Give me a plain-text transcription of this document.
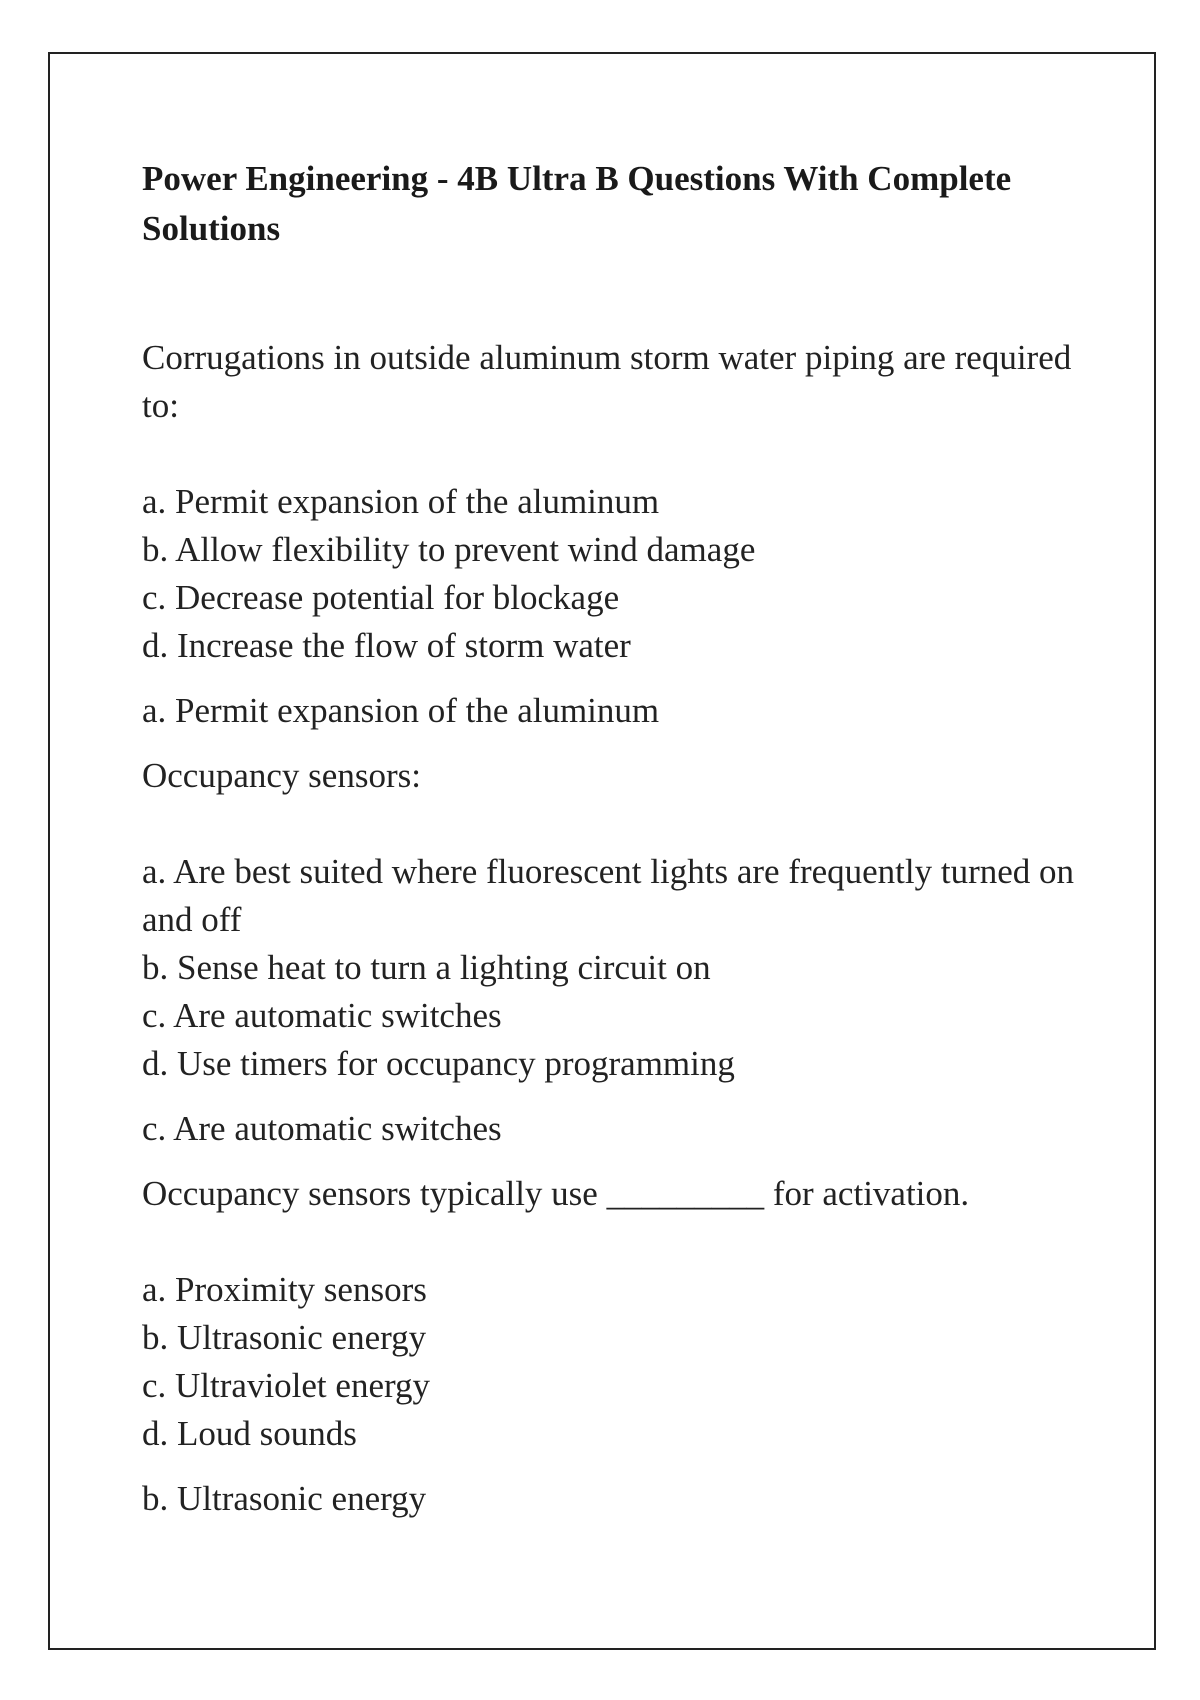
Power Engineering - 4B Ultra B Questions With Complete Solutions

Corrugations in outside aluminum storm water piping are required to:

a. Permit expansion of the aluminum

b. Allow flexibility to prevent wind damage

c. Decrease potential for blockage

d. Increase the flow of storm water

a. Permit expansion of the aluminum

Occupancy sensors:

a. Are best suited where fluorescent lights are frequently turned on and off

b. Sense heat to turn a lighting circuit on

c. Are automatic switches

d. Use timers for occupancy programming

c. Are automatic switches

Occupancy sensors typically use _________ for activation.

a. Proximity sensors

b. Ultrasonic energy

c. Ultraviolet energy

d. Loud sounds

b. Ultrasonic energy
